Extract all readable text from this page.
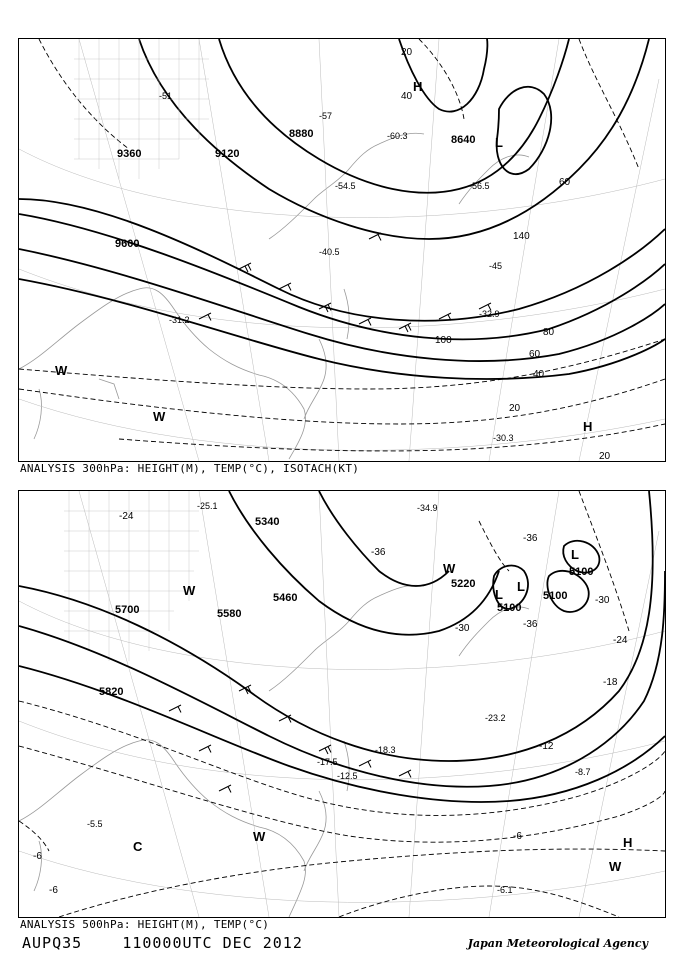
9360	9120
8880	8640
9600
20
40
60
80
100
140
60
40
20
20
-51
-57
-56.5
-54.5
-45
-32.9
-31.2
-40.5
-30.3
-60.3
H
L
H
W
W
ANALYSIS 300hPa: HEIGHT(M), TEMP(°C), ISOTACH(KT)
5340
5460
5580
5700
5820
5220
5100
5100
5100
-24
-36
-36
-30
-36
-30
-24
-18
-12
-6
-6
-6
-34.9
-25.1
-23.2
-17.5
-12.5
-18.3
-8.7
-6.1
-5.5
L
L
L
W
W
H
W
C
W
ANALYSIS 500hPa: HEIGHT(M), TEMP(°C)
AUPQ35	110000UTC DEC 2012	Japan Meteorological Agency
